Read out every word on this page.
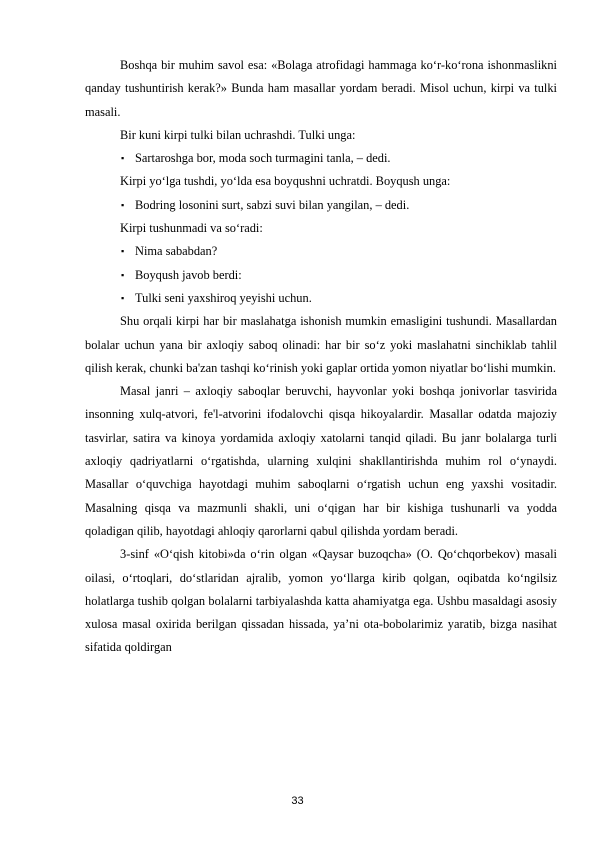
Boshqa bir muhim savol esa: «Bolaga atrofidagi hammaga ko‘r-ko‘rona ishonmaslikni qanday tushuntirish kerak?» Bunda ham masallar yordam beradi. Misol uchun, kirpi va tulki masali.

Bir kuni kirpi tulki bilan uchrashdi. Tulki unga:

▪ Sartaroshga bor, moda soch turmagini tanla, – dedi.

Kirpi yo‘lga tushdi, yo‘lda esa boyqushni uchratdi. Boyqush unga:

▪ Bodring losonini surt, sabzi suvi bilan yangilan, – dedi.

Kirpi tushunmadi va so‘radi:

▪ Nima sababdan?
▪ Boyqush javob berdi:
▪ Tulki seni yaxshiroq yeyishi uchun.

Shu orqali kirpi har bir maslahatga ishonish mumkin emasligini tushundi. Masallardan bolalar uchun yana bir axloqiy saboq olinadi: har bir so‘z yoki maslahatni sinchiklab tahlil qilish kerak, chunki ba'zan tashqi ko‘rinish yoki gaplar ortida yomon niyatlar bo‘lishi mumkin.

Masal janri – axloqiy saboqlar beruvchi, hayvonlar yoki boshqa jonivorlar tasvirida insonning xulq-atvori, fe'l-atvorini ifodalovchi qisqa hikoyalardir. Masallar odatda majoziy tasvirlar, satira va kinoya yordamida axloqiy xatolarni tanqid qiladi. Bu janr bolalarga turli axloqiy qadriyatlarni o‘rgatishda, ularning xulqini shakllantirishda muhim rol o‘ynaydi. Masallar o‘quvchiga hayotdagi muhim saboqlarni o‘rgatish uchun eng yaxshi vositadir. Masalning qisqa va mazmunli shakli, uni o‘qigan har bir kishiga tushunarli va yodda qoladigan qilib, hayotdagi ahloqiy qarorlarni qabul qilishda yordam beradi.

3-sinf «O‘qish kitobi»da o‘rin olgan «Qaysar buzoqcha» (O. Qo‘chqorbekov) masali oilasi, o‘rtoqlari, do‘stlaridan ajralib, yomon yo‘llarga kirib qolgan, oqibatda ko‘ngilsiz holatlarga tushib qolgan bolalarni tarbiyalashda katta ahamiyatga ega. Ushbu masaldagi asosiy xulosa masal oxirida berilgan qissadan hissada, ya’ni ota-bobolarimiz yaratib, bizga nasihat sifatida qoldirgan

33
